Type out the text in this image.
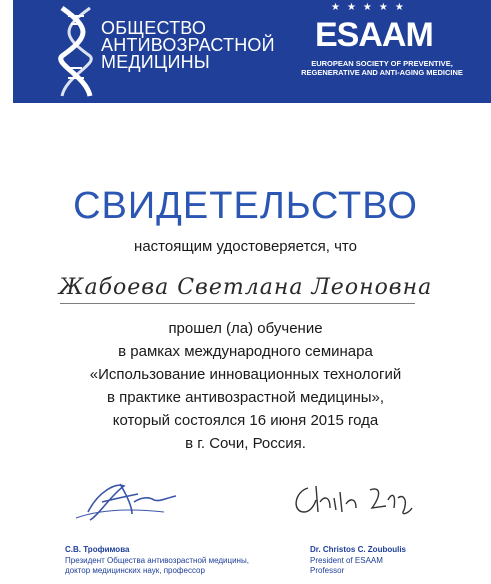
ОБЩЕСТВО
АНТИВОЗРАСТНОЙ
МЕДИЦИНЫ
★★★★★
ESAAM
EUROPEAN SOCIETY OF PREVENTIVE,
REGENERATIVE AND ANTI-AGING MEDICINE
СВИДЕТЕЛЬСТВО
настоящим удостоверяется, что
Жабоева Светлана Леоновна
прошел (ла) обучение
в рамках международного семинара
«Использование инновационных технологий
в практике антивозрастной медицины»,
который состоялся 16 июня 2015 года
в г. Сочи, Россия.
С.В. Трофимова
Президент Общества антивозрастной медицины,
доктор медицинских наук, профессор
Dr. Christos C. Zouboulis
President of ESAAM
Professor
